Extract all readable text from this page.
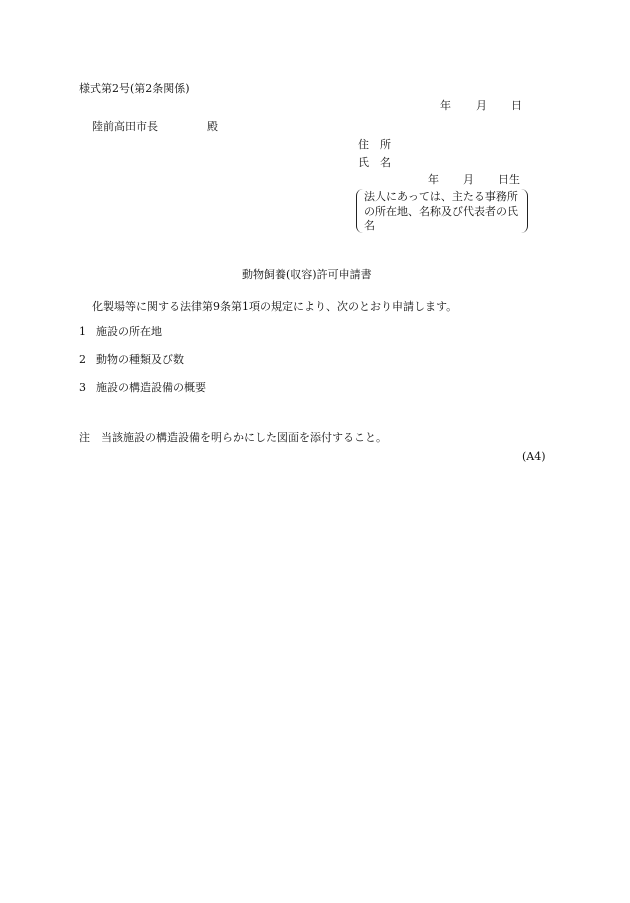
様式第2号(第2条関係)
年 月 日
陸前高田市長	殿
住　所
氏　名
年 月 日生
法人にあっては、主たる事務所の所在地、名称及び代表者の氏名
動物飼養(収容)許可申請書
化製場等に関する法律第9条第1項の規定により、次のとおり申請します。
1 施設の所在地
2 動物の種類及び数
3 施設の構造設備の概要
注 当該施設の構造設備を明らかにした図面を添付すること。
(A4)
